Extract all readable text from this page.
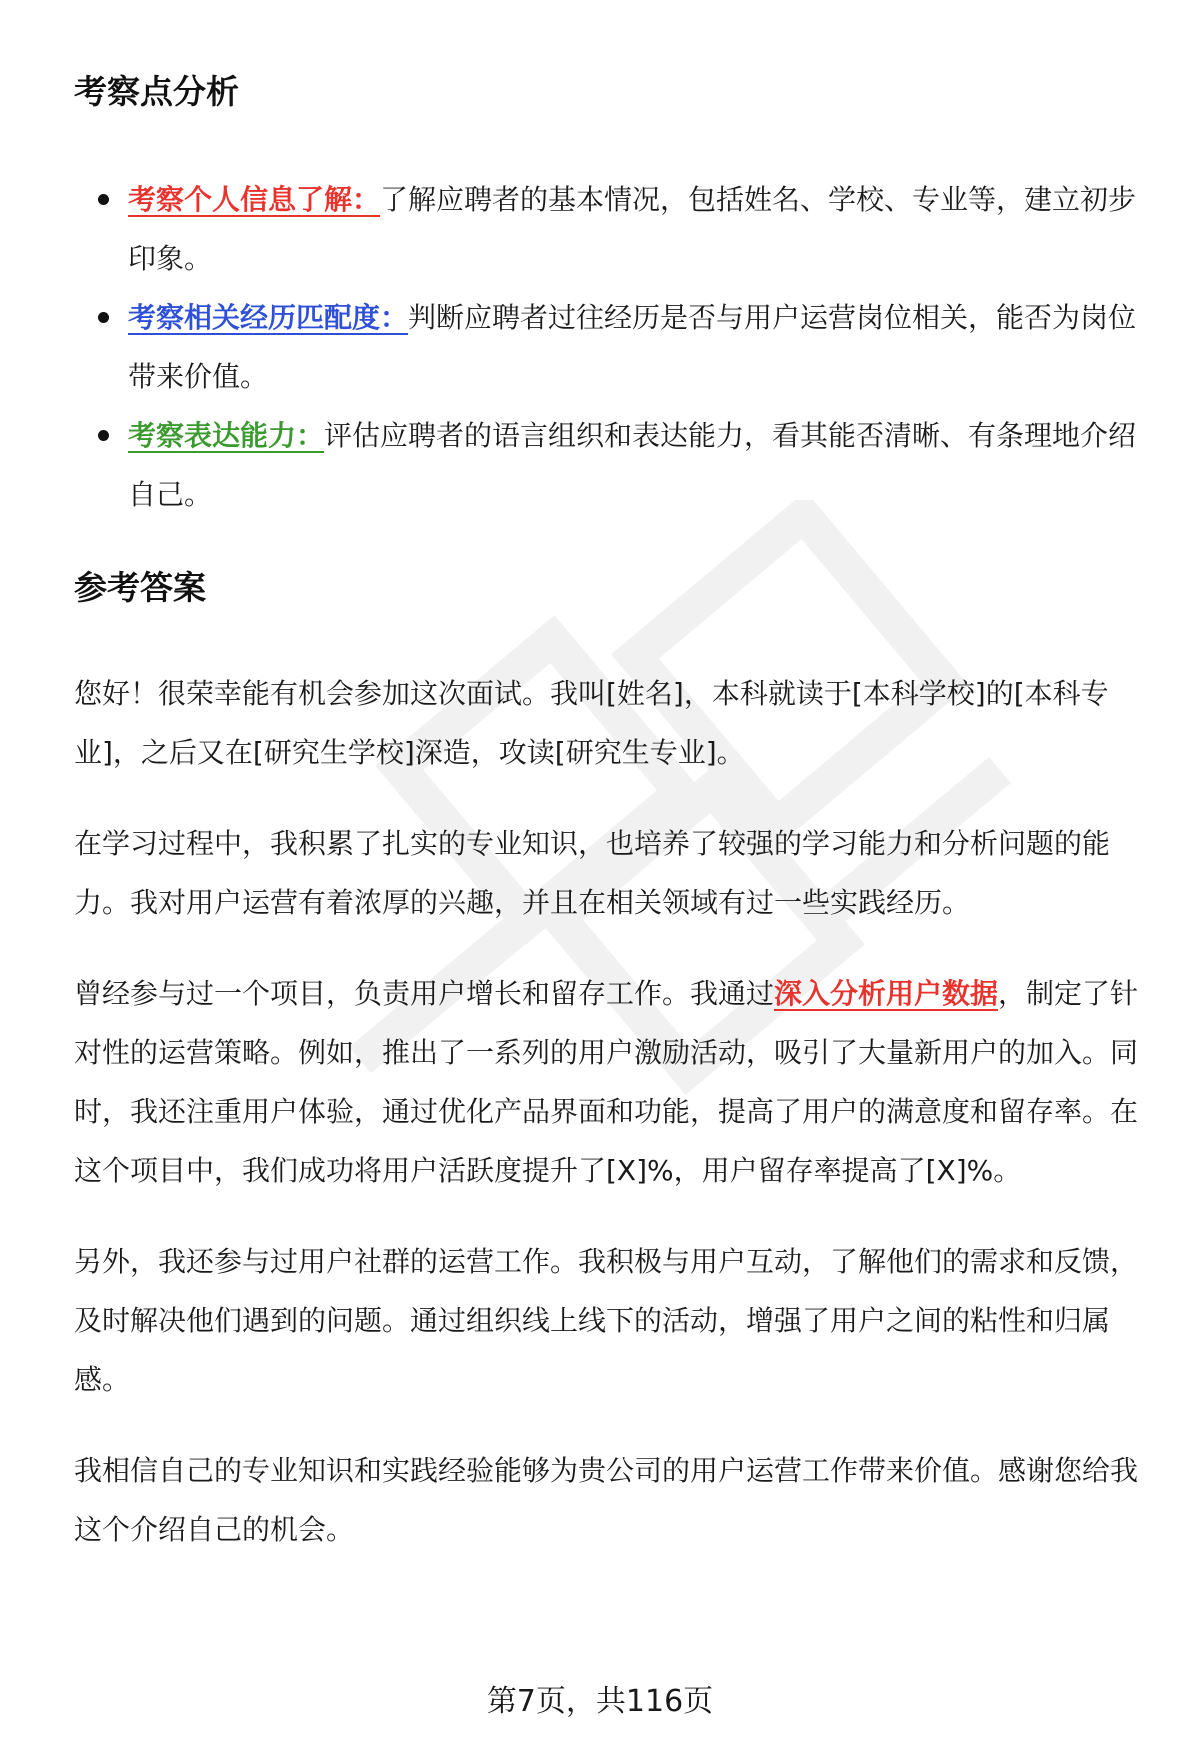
考察点分析
考察个人信息了解：了解应聘者的基本情况，包括姓名、学校、专业等，建立初步印象。
考察相关经历匹配度：判断应聘者过往经历是否与用户运营岗位相关，能否为岗位带来价值。
考察表达能力：评估应聘者的语言组织和表达能力，看其能否清晰、有条理地介绍自己。
参考答案

您好！很荣幸能有机会参加这次面试。我叫[姓名]，本科就读于[本科学校]的[本科专业]，之后又在[研究生学校]深造，攻读[研究生专业]。

在学习过程中，我积累了扎实的专业知识，也培养了较强的学习能力和分析问题的能力。我对用户运营有着浓厚的兴趣，并且在相关领域有过一些实践经历。

曾经参与过一个项目，负责用户增长和留存工作。我通过深入分析用户数据，制定了针对性的运营策略。例如，推出了一系列的用户激励活动，吸引了大量新用户的加入。同时，我还注重用户体验，通过优化产品界面和功能，提高了用户的满意度和留存率。在这个项目中，我们成功将用户活跃度提升了[X]%，用户留存率提高了[X]%。

另外，我还参与过用户社群的运营工作。我积极与用户互动，了解他们的需求和反馈，及时解决他们遇到的问题。通过组织线上线下的活动，增强了用户之间的粘性和归属感。

我相信自己的专业知识和实践经验能够为贵公司的用户运营工作带来价值。感谢您给我这个介绍自己的机会。

第7页，共116页
